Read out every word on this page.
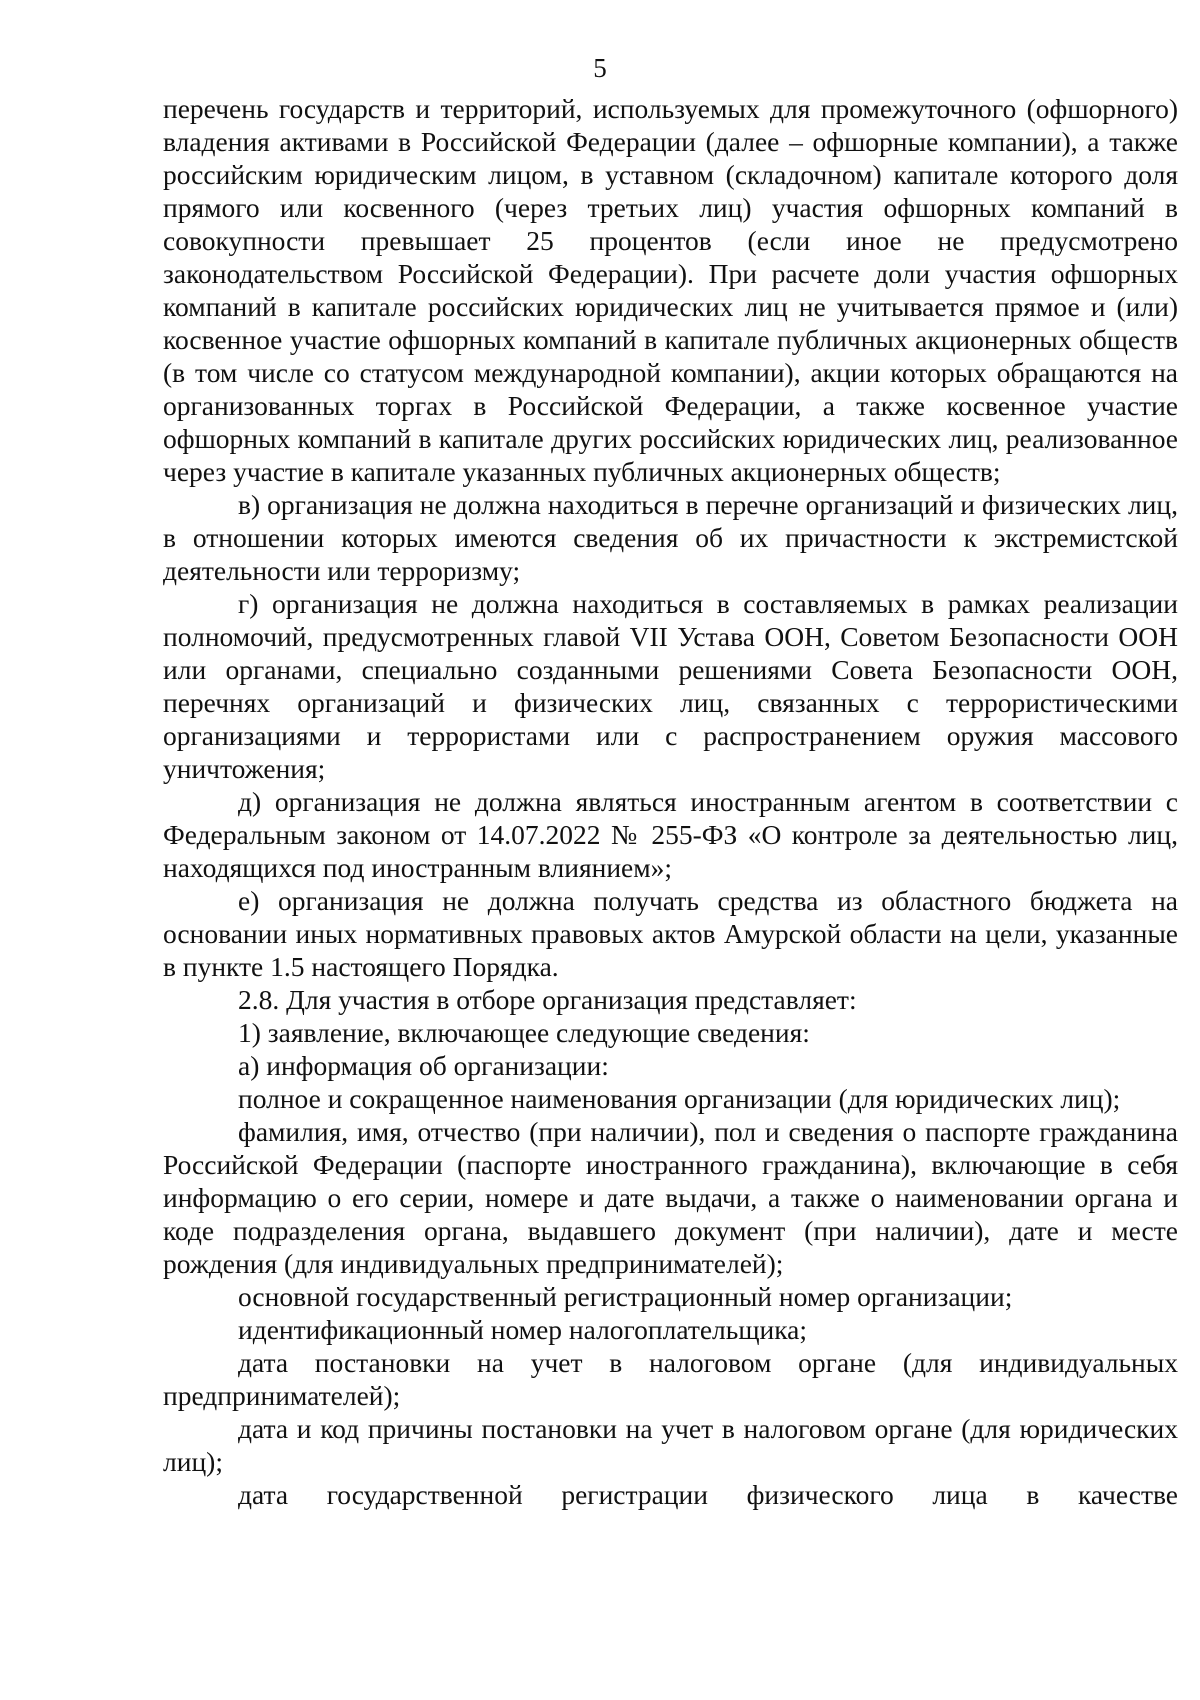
5

перечень государств и территорий, используемых для промежуточного (офшорного) владения активами в Российской Федерации (далее – офшорные компании), а также российским юридическим лицом, в уставном (складочном) капитале которого доля прямого или косвенного (через третьих лиц) участия офшорных компаний в совокупности превышает 25 процентов (если иное не предусмотрено законодательством Российской Федерации). При расчете доли участия офшорных компаний в капитале российских юридических лиц не учитывается прямое и (или) косвенное участие офшорных компаний в капитале публичных акционерных обществ (в том числе со статусом международной компании), акции которых обращаются на организованных торгах в Российской Федерации, а также косвенное участие офшорных компаний в капитале других российских юридических лиц, реализованное через участие в капитале указанных публичных акционерных обществ;

в) организация не должна находиться в перечне организаций и физических лиц, в отношении которых имеются сведения об их причастности к экстремистской деятельности или терроризму;

г) организация не должна находиться в составляемых в рамках реализации полномочий, предусмотренных главой VII Устава ООН, Советом Безопасности ООН или органами, специально созданными решениями Совета Безопасности ООН, перечнях организаций и физических лиц, связанных с террористическими организациями и террористами или с распространением оружия массового уничтожения;

д) организация не должна являться иностранным агентом в соответствии с Федеральным законом от 14.07.2022 № 255-ФЗ «О контроле за деятельностью лиц, находящихся под иностранным влиянием»;

е) организация не должна получать средства из областного бюджета на основании иных нормативных правовых актов Амурской области на цели, указанные в пункте 1.5 настоящего Порядка.

2.8. Для участия в отборе организация представляет:

1) заявление, включающее следующие сведения:

а) информация об организации:

полное и сокращенное наименования организации (для юридических лиц);

фамилия, имя, отчество (при наличии), пол и сведения о паспорте гражданина Российской Федерации (паспорте иностранного гражданина), включающие в себя информацию о его серии, номере и дате выдачи, а также о наименовании органа и коде подразделения органа, выдавшего документ (при наличии), дате и месте рождения (для индивидуальных предпринимателей);

основной государственный регистрационный номер организации;

идентификационный номер налогоплательщика;

дата постановки на учет в налоговом органе (для индивидуальных предпринимателей);

дата и код причины постановки на учет в налоговом органе (для юридических лиц);

дата государственной регистрации физического лица в качестве
